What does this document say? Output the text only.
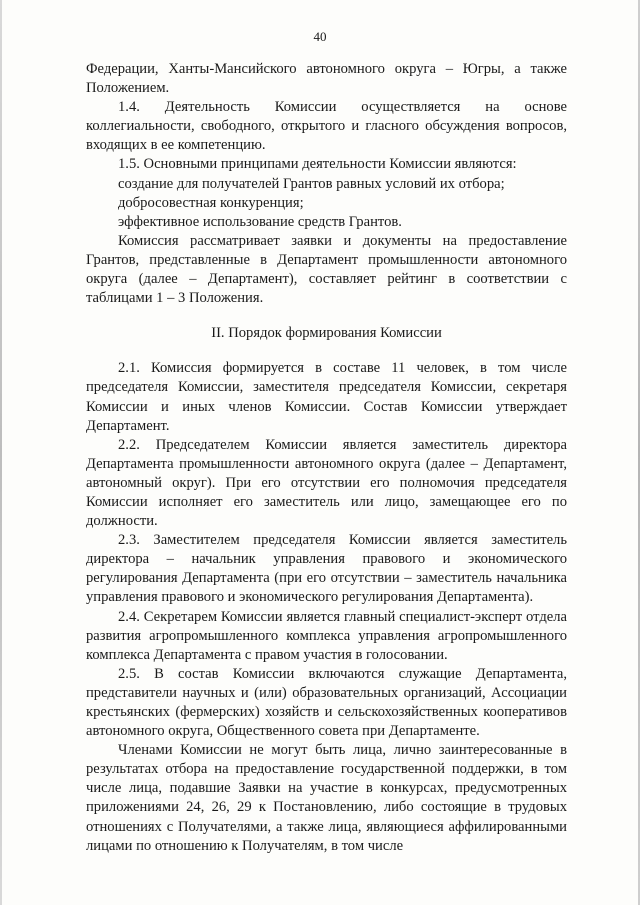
40

Федерации, Ханты-Мансийского автономного округа – Югры, а также Положением.

1.4. Деятельность Комиссии осуществляется на основе коллегиальности, свободного, открытого и гласного обсуждения вопросов, входящих в ее компетенцию.

1.5. Основными принципами деятельности Комиссии являются:

создание для получателей Грантов равных условий их отбора;

добросовестная конкуренция;

эффективное использование средств Грантов.

Комиссия рассматривает заявки и документы на предоставление Грантов, представленные в Департамент промышленности автономного округа (далее – Департамент), составляет рейтинг в соответствии с таблицами 1 – 3 Положения.

II. Порядок формирования Комиссии

2.1. Комиссия формируется в составе 11 человек, в том числе председателя Комиссии, заместителя председателя Комиссии, секретаря Комиссии и иных членов Комиссии. Состав Комиссии утверждает Департамент.

2.2. Председателем Комиссии является заместитель директора Департамента промышленности автономного округа (далее – Департамент, автономный округ). При его отсутствии его полномочия председателя Комиссии исполняет его заместитель или лицо, замещающее его по должности.

2.3. Заместителем председателя Комиссии является заместитель директора – начальник управления правового и экономического регулирования Департамента (при его отсутствии – заместитель начальника управления правового и экономического регулирования Департамента).

2.4. Секретарем Комиссии является главный специалист-эксперт отдела развития агропромышленного комплекса управления агропромышленного комплекса Департамента с правом участия в голосовании.

2.5. В состав Комиссии включаются служащие Департамента, представители научных и (или) образовательных организаций, Ассоциации крестьянских (фермерских) хозяйств и сельскохозяйственных кооперативов автономного округа, Общественного совета при Департаменте.

Членами Комиссии не могут быть лица, лично заинтересованные в результатах отбора на предоставление государственной поддержки, в том числе лица, подавшие Заявки на участие в конкурсах, предусмотренных приложениями 24, 26, 29 к Постановлению, либо состоящие в трудовых отношениях с Получателями, а также лица, являющиеся аффилированными лицами по отношению к Получателям, в том числе
